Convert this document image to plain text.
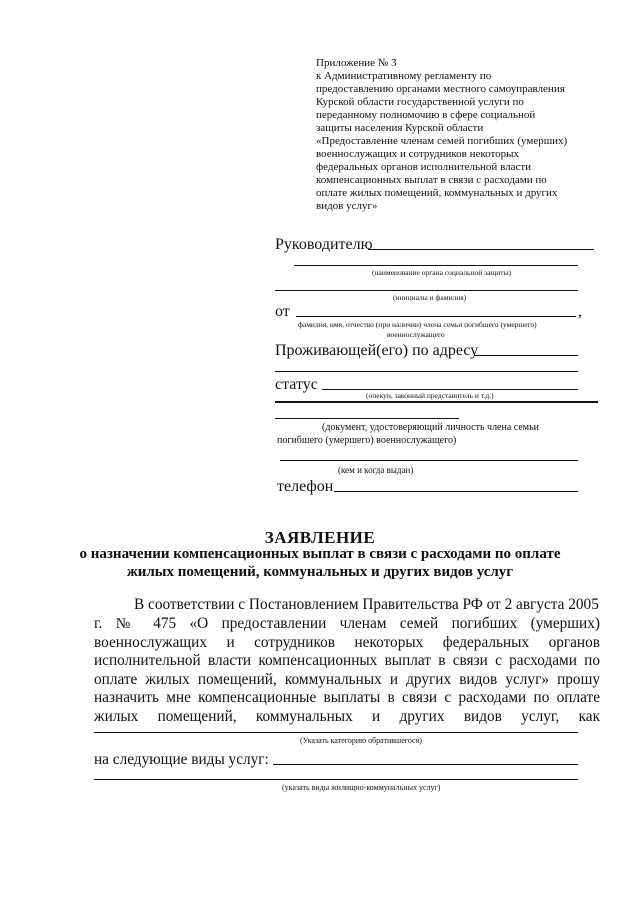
Приложение № 3
к Административному регламенту по
предоставлению органами местного самоуправления
Курской области государственной услуги по
переданному полномочию в сфере социальной
защиты населения Курской области
«Предоставление членам семей погибших (умерших)
военнослужащих и сотрудников некоторых
федеральных органов исполнительной власти
компенсационных выплат в связи с расходами по
оплате жилых помещений, коммунальных и других
видов услуг»
Руководителю
(наименование органа социальной защиты)
(инициалы и фамилия)
от	,
фамилия, имя, отчество (при наличии) члена семьи погибшего (умершего)
военнослужащего
Проживающей(его) по адресу
статус
(опекун, законный представитель и т.д.)
(документ, удостоверяющий личность члена семьи
погибшего (умершего) военнослужащего)
(кем и когда выдан)
телефон
ЗАЯВЛЕНИЕ
о назначении компенсационных выплат в связи с расходами по оплате
жилых помещений, коммунальных и других видов услуг
В соответствии с Постановлением Правительства РФ от 2 августа 2005
г. № 475 «О предоставлении членам семей погибших (умерших)
военнослужащих и сотрудников некоторых федеральных органов
исполнительной власти компенсационных выплат в связи с расходами по
оплате жилых помещений, коммунальных и других видов услуг» прошу
назначить мне компенсационные выплаты в связи с расходами по оплате
жилых помещений, коммунальных и других видов услуг, как
(Указать категорию обратившегося)
на следующие виды услуг:
(указать виды жилищно-коммунальных услуг)
